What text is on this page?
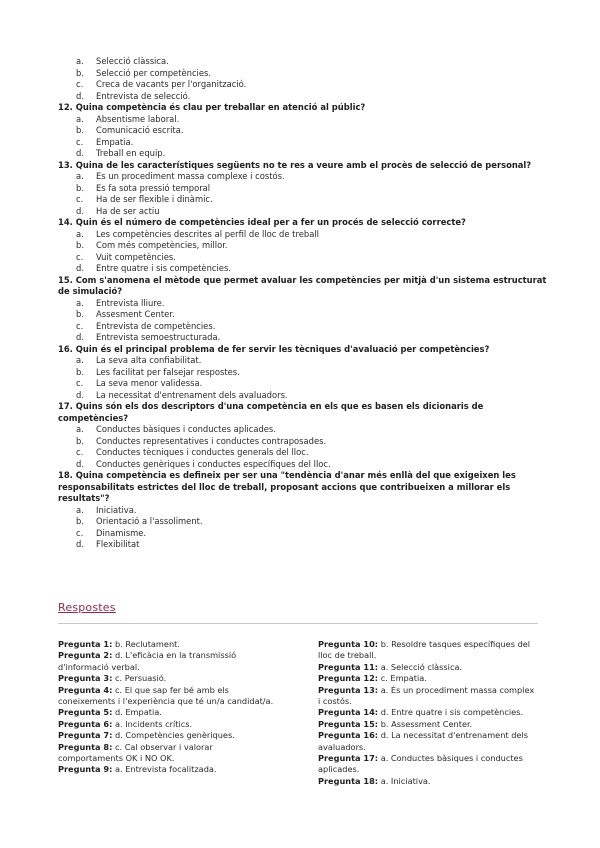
a.	Selecció clàssica.
b.	Selecció per competències.
c.	Creca de vacants per l'organització.
d.	Entrevista de selecció.
12. Quina competència és clau per treballar en atenció al públic?
a.	Absentisme laboral.
b.	Comunicació escrita.
c.	Empatia.
d.	Treball en equip.
13. Quina de les característiques següents no te res a veure amb el procès de selecció de personal?
a.	Es un procediment massa complexe i costós.
b.	Es fa sota pressió temporal
c.	Ha de ser flexible i dinàmic.
d.	Ha de ser actiu
14. Quin és el número de competències ideal per a fer un procés de selecció correcte?
a.	Les competències descrites al perfil de lloc de treball
b.	Com més competències, millor.
c.	Vuit competències.
d.	Entre quatre i sis competències.
15. Com s'anomena el mètode que permet avaluar les competències per mitjà d'un sistema estructurat de simulació?
a.	Entrevista lliure.
b.	Assesment Center.
c.	Entrevista de competències.
d.	Entrevista semoestructurada.
16. Quin és el principal problema de fer servir les tècniques d'avaluació per competències?
a.	La seva alta confiabilitat.
b.	Les facilitat per falsejar respostes.
c.	La seva menor validessa.
d.	La necessitat d'entrenament dels avaluadors.
17. Quins són els dos descriptors d'una competència en els que es basen els dicionaris de competències?
a.	Conductes bàsiques i conductes aplicades.
b.	Conductes representatives i conductes contraposades.
c.	Conductes tècniques i conductes generals del lloc.
d.	Conductes genèriques i conductes específiques del lloc.
18. Quina competència es defineix per ser una "tendència d'anar més enllà del que exigeixen les responsabilitats estrictes del lloc de treball, proposant accions que contribueixen a millorar els resultats"?
a.	Iniciativa.
b.	Orientació a l'assoliment.
c.	Dinamisme.
d.	Flexibilitat
Respostes
Pregunta 1: b. Reclutament.
Pregunta 2: d. L'eficàcia en la transmissió d'informació verbal.
Pregunta 3: c. Persuasió.
Pregunta 4: c. El que sap fer bé amb els coneixements i l'experiència que té un/a candidat/a.
Pregunta 5: d. Empatia.
Pregunta 6: a. Incidents crítics.
Pregunta 7: d. Competències genèriques.
Pregunta 8: c. Cal observar i valorar comportaments OK i NO OK.
Pregunta 9: a. Entrevista focalitzada.
Pregunta 10: b. Resoldre tasques específiques del lloc de treball.
Pregunta 11: a. Selecció clàssica.
Pregunta 12: c. Empatia.
Pregunta 13: a. És un procediment massa complex i costós.
Pregunta 14: d. Entre quatre i sis competències.
Pregunta 15: b. Assessment Center.
Pregunta 16: d. La necessitat d'entrenament dels avaluadors.
Pregunta 17: a. Conductes bàsiques i conductes aplicades.
Pregunta 18: a. Iniciativa.
